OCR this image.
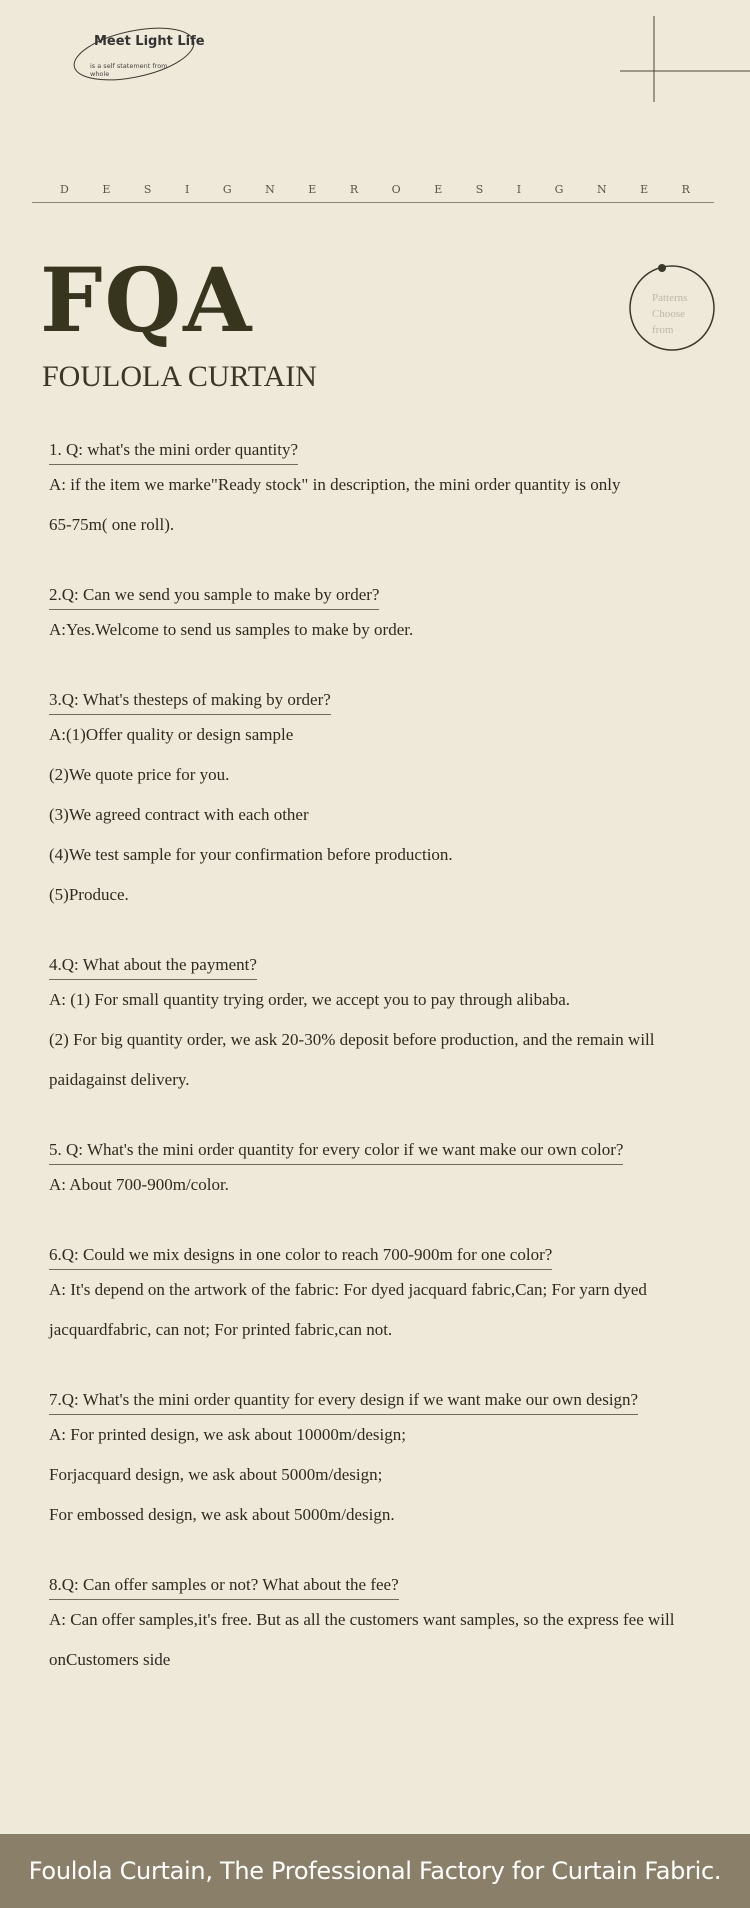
Meet Light Life
is a self statement from whole
D	E	S	I	G	N	E	R	O	E	S	I	G	N	E	R
FQA
FOULOLA CURTAIN
Patterns
Choose
from
1. Q: what's the mini order quantity?
A: if the item we marke"Ready stock" in description, the mini order quantity is only
65-75m( one roll).
2.Q: Can we send you sample to make by order?
A:Yes.Welcome to send us samples to make by order.
3.Q: What's thesteps of making by order?
A:(1)Offer quality or design sample
(2)We quote price for you.
(3)We agreed contract with each other
(4)We test sample for your confirmation before production.
(5)Produce.
4.Q: What about the payment?
A: (1) For small quantity trying order, we accept you to pay through alibaba.
(2) For big quantity order, we ask 20-30% deposit before production, and the remain will
paidagainst delivery.
5. Q: What's the mini order quantity for every color if we want make our own color?
A: About 700-900m/color.
6.Q: Could we mix designs in one color to reach 700-900m for one color?
A: It's depend on the artwork of the fabric: For dyed jacquard fabric,Can; For yarn dyed
jacquardfabric, can not; For printed fabric,can not.
7.Q: What's the mini order quantity for every design if we want make our own design?
A: For printed design, we ask about 10000m/design;
Forjacquard design, we ask about 5000m/design;
For embossed design, we ask about 5000m/design.
8.Q: Can offer samples or not? What about the fee?
A: Can offer samples,it's free. But as all the customers want samples, so the express fee will
onCustomers side
Foulola Curtain, The Professional Factory for Curtain Fabric.
